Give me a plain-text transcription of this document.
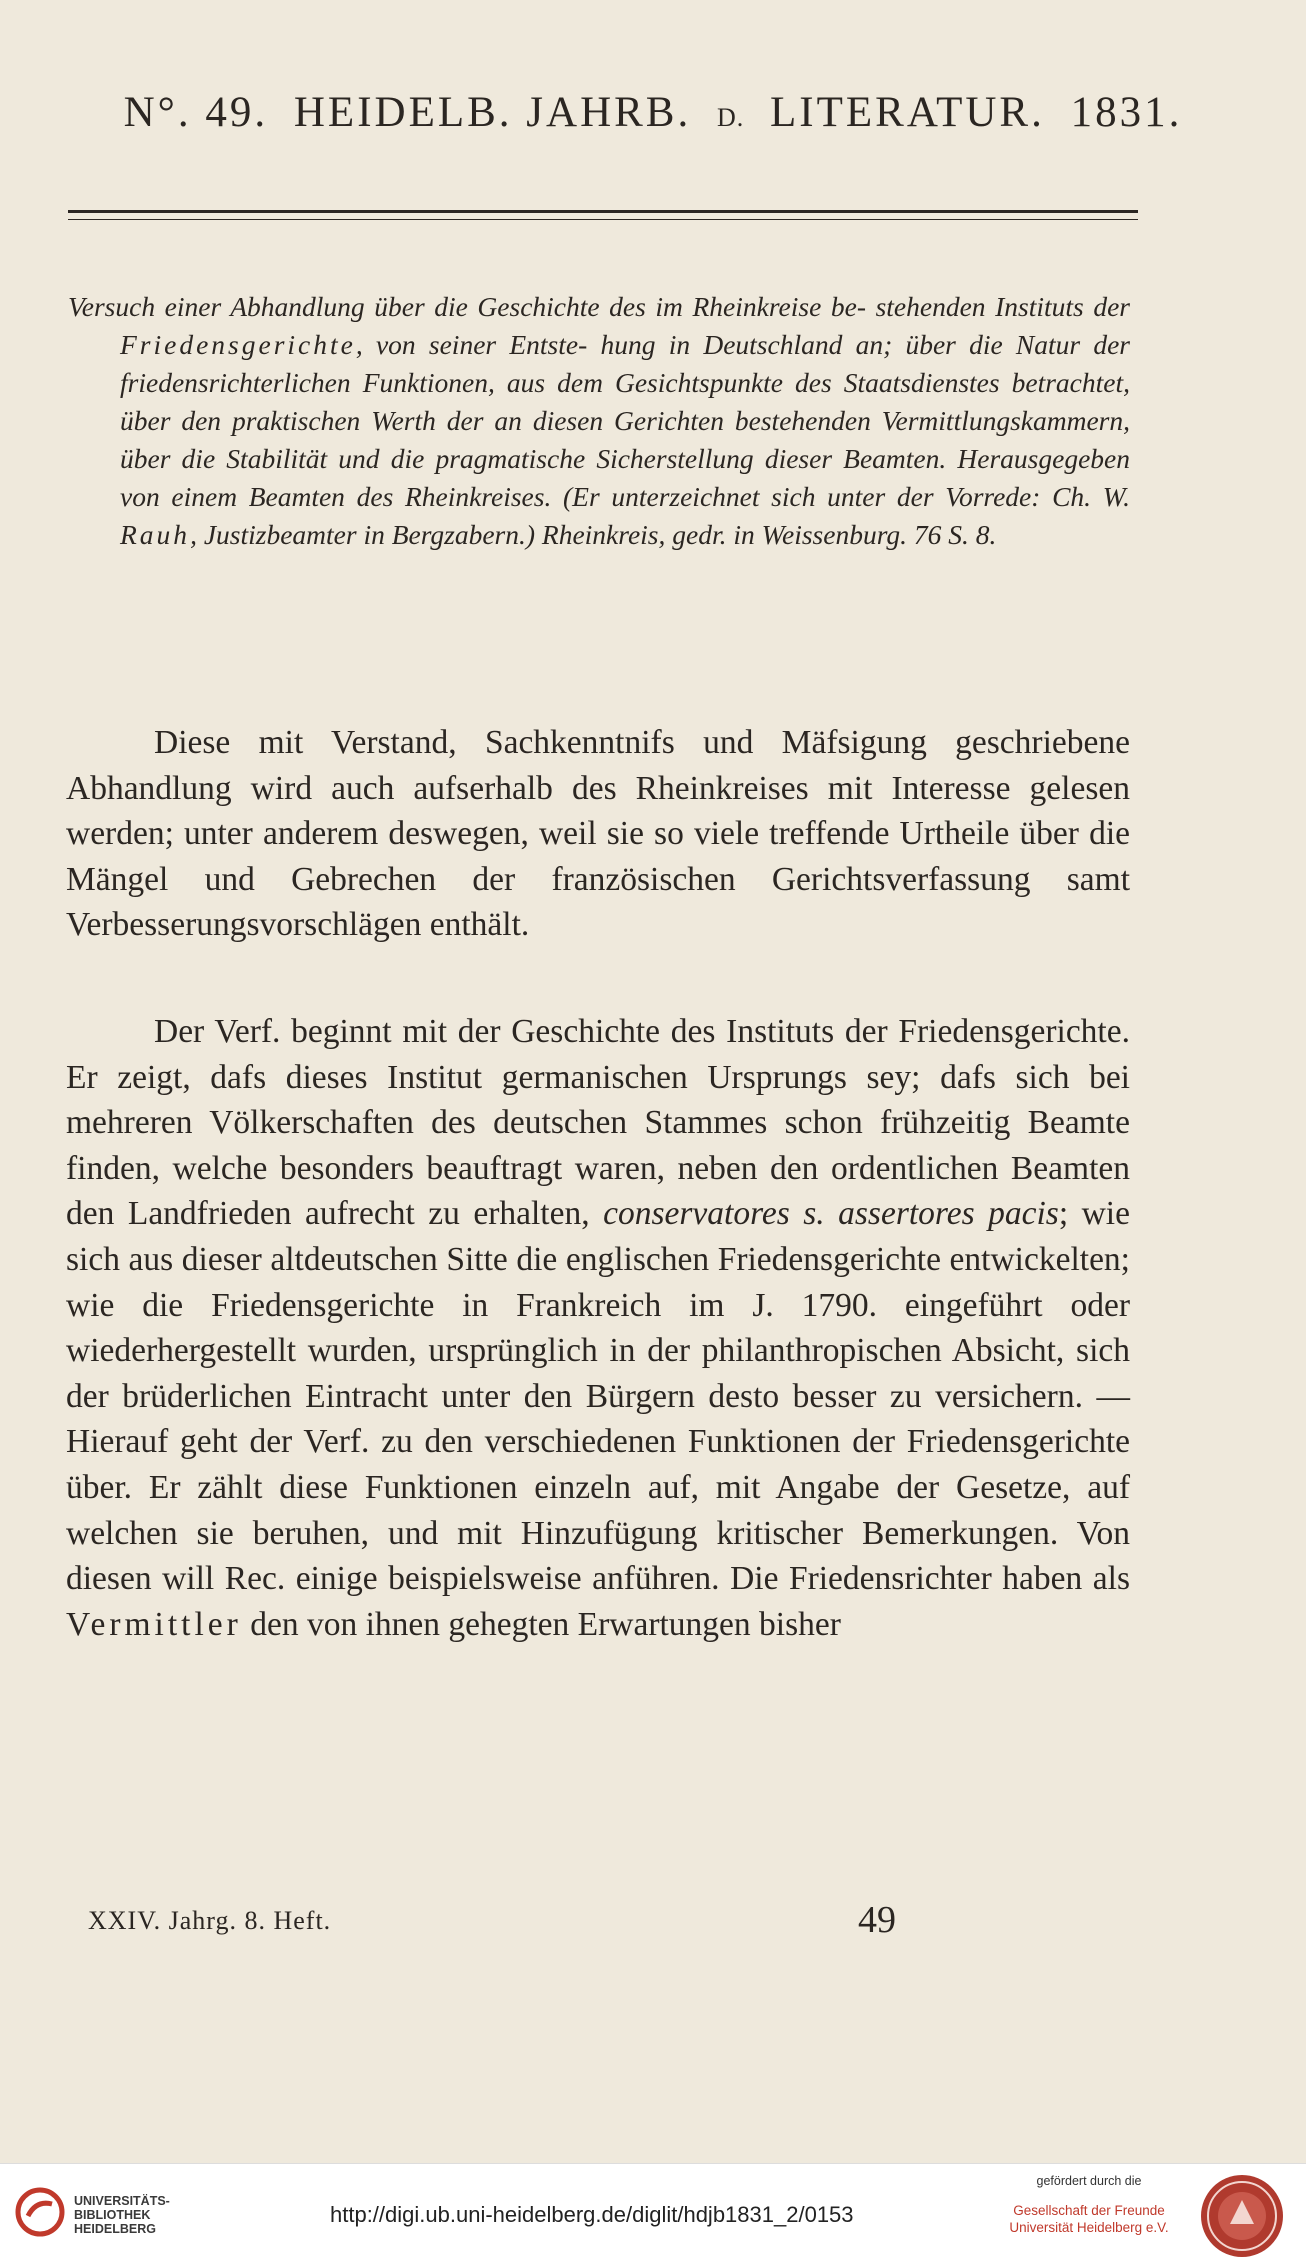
N°. 49. HEIDELB. JAHRB. D. LITERATUR. 1831.

Versuch einer Abhandlung über die Geschichte des im Rheinkreise be- stehenden Instituts der Friedensgerichte, von seiner Entste- hung in Deutschland an; über die Natur der friedensrichterlichen Funktionen, aus dem Gesichtspunkte des Staatsdienstes betrachtet, über den praktischen Werth der an diesen Gerichten bestehenden Vermittlungskammern, über die Stabilität und die pragmatische Sicherstellung dieser Beamten. Herausgegeben von einem Beamten des Rheinkreises. (Er unterzeichnet sich unter der Vorrede: Ch. W. Rauh, Justizbeamter in Bergzabern.) Rheinkreis, gedr. in Weissenburg. 76 S. 8.

Diese mit Verstand, Sachkenntnifs und Mäfsigung geschriebene Abhandlung wird auch aufserhalb des Rheinkreises mit Interesse gelesen werden; unter anderem deswegen, weil sie so viele treffende Urtheile über die Mängel und Gebrechen der französischen Gerichtsverfassung samt Verbesserungsvorschlägen enthält.
Der Verf. beginnt mit der Geschichte des Instituts der Friedensgerichte. Er zeigt, dafs dieses Institut germanischen Ursprungs sey; dafs sich bei mehreren Völkerschaften des deutschen Stammes schon frühzeitig Beamte finden, welche besonders beauftragt waren, neben den ordentlichen Beamten den Landfrieden aufrecht zu erhalten, conservatores s. assertores pacis; wie sich aus dieser altdeutschen Sitte die englischen Friedensgerichte entwickelten; wie die Friedensgerichte in Frankreich im J. 1790. eingeführt oder wiederhergestellt wurden, ursprünglich in der philanthropischen Absicht, sich der brüderlichen Eintracht unter den Bürgern desto besser zu versichern. — Hierauf geht der Verf. zu den verschiedenen Funktionen der Friedensgerichte über. Er zählt diese Funktionen einzeln auf, mit Angabe der Gesetze, auf welchen sie beruhen, und mit Hinzufügung kritischer Bemerkungen. Von diesen will Rec. einige beispielsweise anführen. Die Friedensrichter haben als Vermittler den von ihnen gehegten Erwartungen bisher
XXIV. Jahrg. 8. Heft.	49
UNIVERSITÄTS-
BIBLIOTHEK
HEIDELBERG
http://digi.ub.uni-heidelberg.de/diglit/hdjb1831_2/0153
gefördert durch die
Gesellschaft der Freunde
Universität Heidelberg e.V.
